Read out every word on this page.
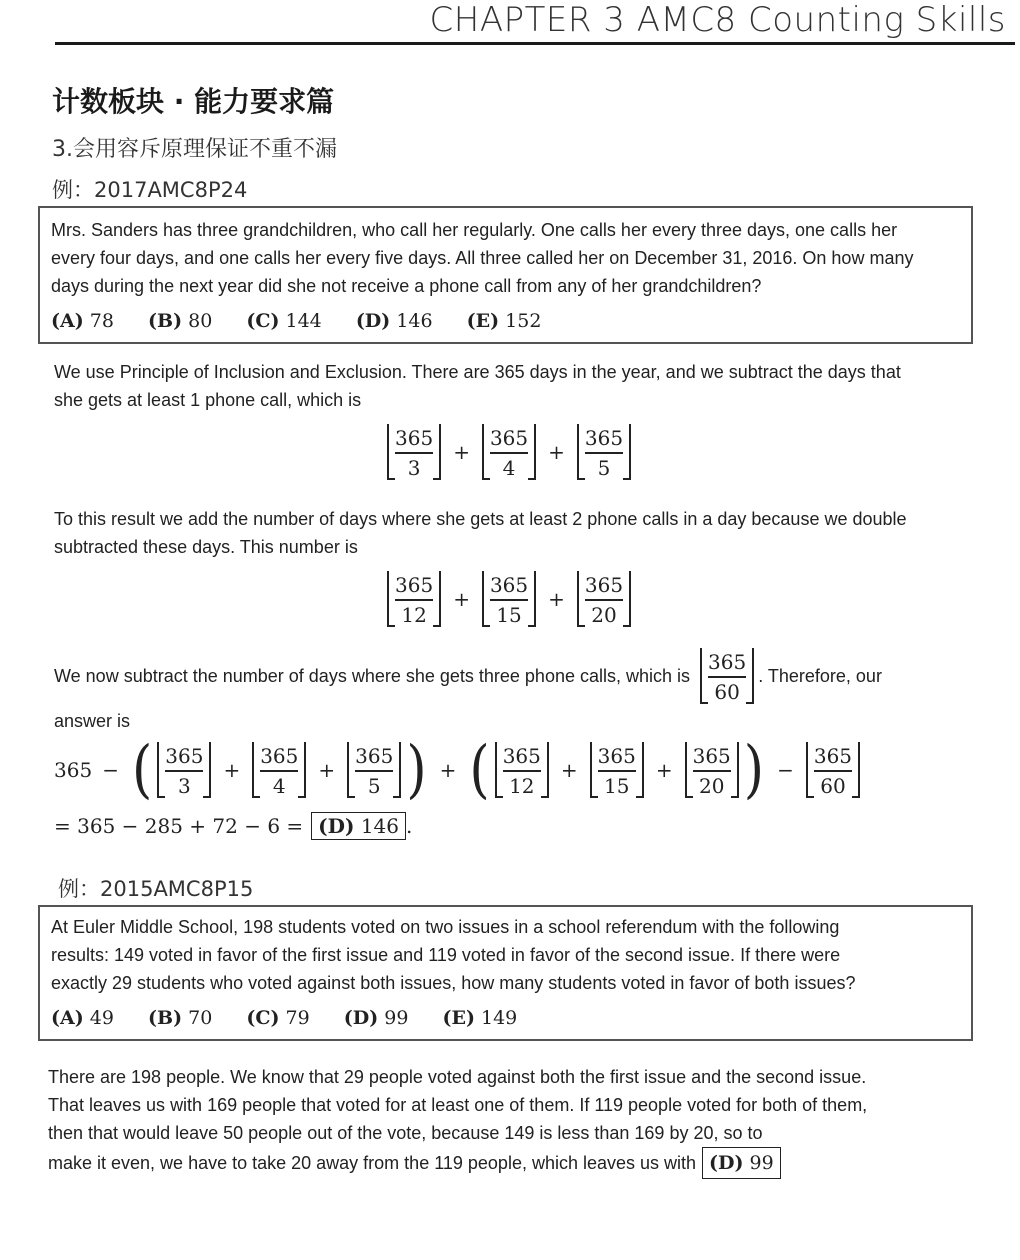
CHAPTER 3 AMC8 Counting Skills
计数板块 · 能力要求篇
3.会用容斥原理保证不重不漏
例：2017AMC8P24
Mrs. Sanders has three grandchildren, who call her regularly. One calls her every three days, one calls her
every four days, and one calls her every five days. All three called her on December 31, 2016. On how many
days during the next year did she not receive a phone call from any of her grandchildren?
(A) 78 (B) 80 (C) 144 (D) 146 (E) 152
We use Principle of Inclusion and Exclusion. There are 365 days in the year, and we subtract the days that
she gets at least 1 phone call, which is
$\frac{365}{3} + \frac{365}{4} + \frac{365}{5}$
To this result we add the number of days where she gets at least 2 phone calls in a day because we double
subtracted these days. This number is
$\frac{365}{12} + \frac{365}{15} + \frac{365}{20}$
We now subtract the number of days where she gets three phone calls, which is $\frac{365}{60}$ . Therefore, our
answer is
365 − ( $\frac{365}{3} + \frac{365}{4} + \frac{365}{5}$ ) + ( $\frac{365}{12} + \frac{365}{15} + \frac{365}{20}$ ) − $\frac{365}{60}$
= 365 − 285 + 72 − 6 = (D) 146 .
例：2015AMC8P15
At Euler Middle School, 198 students voted on two issues in a school referendum with the following
results: 149 voted in favor of the first issue and 119 voted in favor of the second issue. If there were
exactly 29 students who voted against both issues, how many students voted in favor of both issues?
(A) 49 (B) 70 (C) 79 (D) 99 (E) 149
There are 198 people. We know that 29 people voted against both the first issue and the second issue.
That leaves us with 169 people that voted for at least one of them. If 119 people voted for both of them,
then that would leave 50 people out of the vote, because 149 is less than 169 by 20, so to
make it even, we have to take 20 away from the 119 people, which leaves us with (D) 99
